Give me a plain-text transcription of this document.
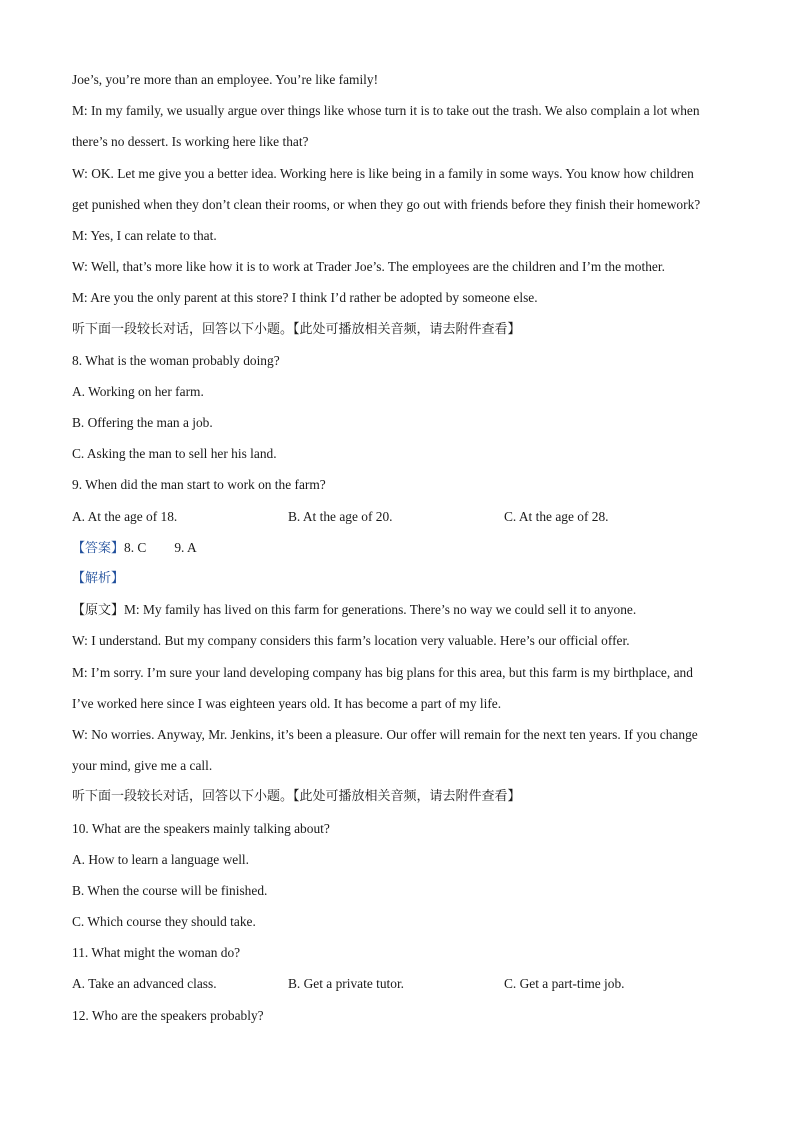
Joe’s, you’re more than an employee. You’re like family!
M: In my family, we usually argue over things like whose turn it is to take out the trash. We also complain a lot when
there’s no dessert. Is working here like that?
W: OK. Let me give you a better idea. Working here is like being in a family in some ways. You know how children
get punished when they don’t clean their rooms, or when they go out with friends before they finish their homework?
M: Yes, I can relate to that.
W: Well, that’s more like how it is to work at Trader Joe’s. The employees are the children and I’m the mother.
M: Are you the only parent at this store? I think I’d rather be adopted by someone else.
听下面一段较长对话，回答以下小题。【此处可播放相关音频，请去附件查看】
8. What is the woman probably doing?
A. Working on her farm.
B. Offering the man a job.
C. Asking the man to sell her his land.
9. When did the man start to work on the farm?
A. At the age of 18.	B. At the age of 20.	C. At the age of 28.
【答案】8. C 9. A
【解析】
【原文】M: My family has lived on this farm for generations. There’s no way we could sell it to anyone.
W: I understand. But my company considers this farm’s location very valuable. Here’s our official offer.
M: I’m sorry. I’m sure your land developing company has big plans for this area, but this farm is my birthplace, and
I’ve worked here since I was eighteen years old. It has become a part of my life.
W: No worries. Anyway, Mr. Jenkins, it’s been a pleasure. Our offer will remain for the next ten years. If you change
your mind, give me a call.
听下面一段较长对话，回答以下小题。【此处可播放相关音频，请去附件查看】
10. What are the speakers mainly talking about?
A. How to learn a language well.
B. When the course will be finished.
C. Which course they should take.
11. What might the woman do?
A. Take an advanced class.	B. Get a private tutor.	C. Get a part-time job.
12. Who are the speakers probably?
